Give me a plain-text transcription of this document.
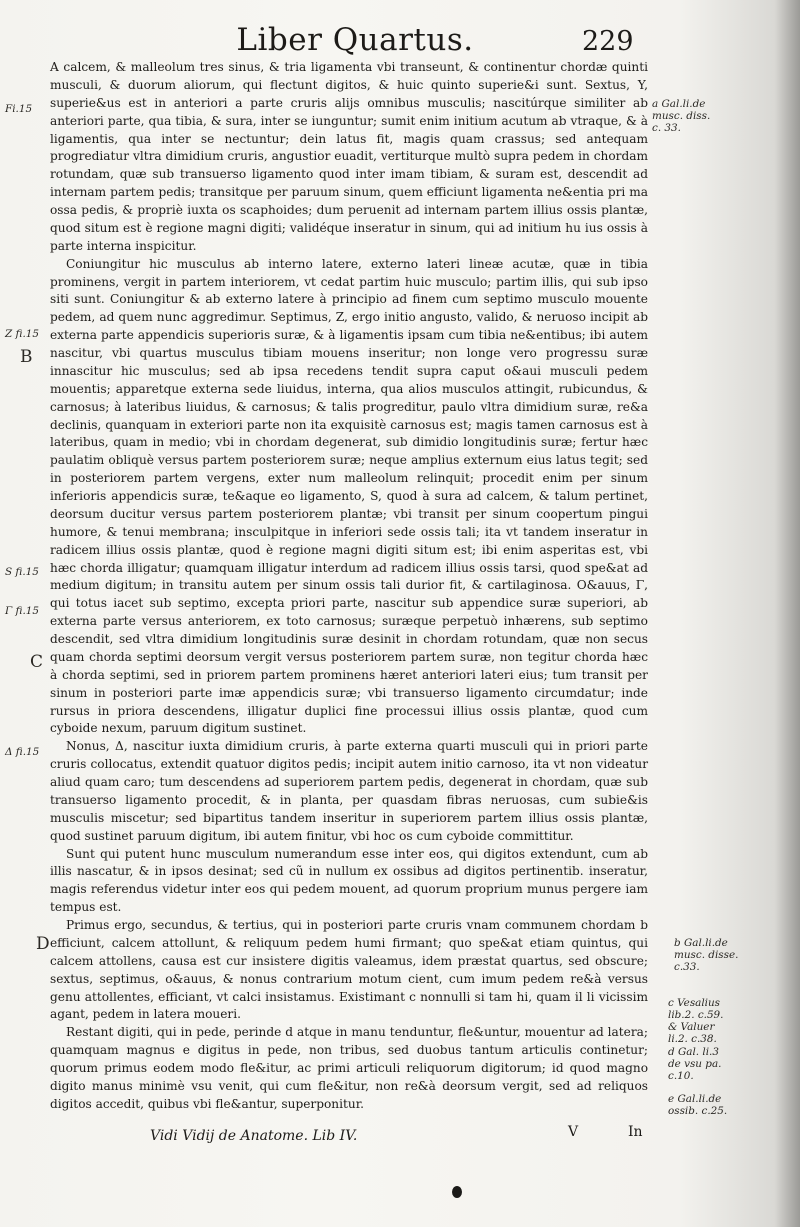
Liber Quartus.	229
Fi.15
Z fi.15
B
S fi.15
Γ fi.15
C
Δ fi.15
D
a Gal.li.de
musc. diss.
c. 33.
b Gal.li.de
musc. disse.
c.33.
c Vesalius
lib.2. c.59.
& Valuer
li.2. c.38.
d Gal. li.3
de vsu pa.
c.10.
e Gal.li.de
ossib. c.25.

A calcem, & malleolum tres sinus, & tria ligamenta vbi transeunt, & continentur chordæ quinti musculi, & duorum aliorum, qui flectunt digitos, & huic quinto superie&i sunt. Sextus, Y, superie&us est in anteriori a parte cruris alijs omnibus musculis; nascitúrque similiter ab anteriori parte, qua tibia, & sura, inter se iunguntur; sumit enim initium acutum ab vtraque, & à ligamentis, qua inter se nectuntur; dein latus fit, magis quam crassus; sed antequam progrediatur vltra dimidium cruris, angustior euadit, vertiturque multò supra pedem in chordam rotundam, quæ sub transuerso ligamento quod inter imam tibiam, & suram est, descendit ad internam partem pedis; transitque per paruum sinum, quem efficiunt ligamenta ne&entia pri ma ossa pedis, & propriè iuxta os scaphoides; dum peruenit ad internam partem illius ossis plantæ, quod situm est è regione magni digiti; validéque inseratur in sinum, qui ad initium hu ius ossis à parte interna inspicitur.

Coniungitur hic musculus ab interno latere, externo lateri lineæ acutæ, quæ in tibia prominens, vergit in partem interiorem, vt cedat partim huic musculo; partim illis, qui sub ipso siti sunt. Coniungitur & ab externo latere à principio ad finem cum septimo musculo mouente pedem, ad quem nunc aggredimur. Septimus, Z, ergo initio angusto, valido, & neruoso incipit ab externa parte appendicis superioris suræ, & à ligamentis ipsam cum tibia ne&entibus; ibi autem nascitur, vbi quartus musculus tibiam mouens inseritur; non longe vero progressu suræ innascitur hic musculus; sed ab ipsa recedens tendit supra caput o&aui musculi pedem mouentis; apparetque externa sede liuidus, interna, qua alios musculos attingit, rubicundus, & carnosus; à lateribus liuidus, & carnosus; & talis progreditur, paulo vltra dimidium suræ, re&a declinis, quanquam in exteriori parte non ita exquisitè carnosus est; magis tamen carnosus est à lateribus, quam in medio; vbi in chordam degenerat, sub dimidio longitudinis suræ; fertur hæc paulatim obliquè versus partem posteriorem suræ; neque amplius externum eius latus tegit; sed in posteriorem partem vergens, exter num malleolum relinquit; procedit enim per sinum inferioris appendicis suræ, te&aque eo ligamento, S, quod à sura ad calcem, & talum pertinet, deorsum ducitur versus partem posteriorem plantæ; vbi transit per sinum coopertum pingui humore, & tenui membrana; insculpitque in inferiori sede ossis tali; ita vt tandem inseratur in radicem illius ossis plantæ, quod è regione magni digiti situm est; ibi enim asperitas est, vbi hæc chorda illigatur; quamquam illigatur interdum ad radicem illius ossis tarsi, quod spe&at ad medium digitum; in transitu autem per sinum ossis tali durior fit, & cartilaginosa. O&auus, Γ, qui totus iacet sub septimo, excepta priori parte, nascitur sub appendice suræ superiori, ab externa parte versus anteriorem, ex toto carnosus; suræque perpetuò inhærens, sub septimo descendit, sed vltra dimidium longitudinis suræ desinit in chordam rotundam, quæ non secus quam chorda septimi deorsum vergit versus posteriorem partem suræ, non tegitur chorda hæc à chorda septimi, sed in priorem partem prominens hæret anteriori lateri eius; tum transit per sinum in posteriori parte imæ appendicis suræ; vbi transuerso ligamento circumdatur; inde rursus in priora descendens, illigatur duplici fine processui illius ossis plantæ, quod cum cyboide nexum, paruum digitum sustinet.

Nonus, Δ, nascitur iuxta dimidium cruris, à parte externa quarti musculi qui in priori parte cruris collocatus, extendit quatuor digitos pedis; incipit autem initio carnoso, ita vt non videatur aliud quam caro; tum descendens ad superiorem partem pedis, degenerat in chordam, quæ sub transuerso ligamento procedit, & in planta, per quasdam fibras neruosas, cum subie&is musculis miscetur; sed bipartitus tandem inseritur in superiorem partem illius ossis plantæ, quod sustinet paruum digitum, ibi autem finitur, vbi hoc os cum cyboide committitur.

Sunt qui putent hunc musculum numerandum esse inter eos, qui digitos extendunt, cum ab illis nascatur, & in ipsos desinat; sed cũ in nullum ex ossibus ad digitos pertinentib. inseratur, magis referendus videtur inter eos qui pedem mouent, ad quorum proprium munus pergere iam tempus est.

Primus ergo, secundus, & tertius, qui in posteriori parte cruris vnam communem chordam b efficiunt, calcem attollunt, & reliquum pedem humi firmant; quo spe&at etiam quintus, qui calcem attollens, causa est cur insistere digitis valeamus, idem præstat quartus, sed obscure; sextus, septimus, o&auus, & nonus contrarium motum cient, cum imum pedem re&à versus genu attollentes, efficiant, vt calci insistamus. Existimant c nonnulli si tam hi, quam il li vicissim agant, pedem in latera moueri.

Restant digiti, qui in pede, perinde d atque in manu tenduntur, fle&untur, mouentur ad latera; quamquam magnus e digitus in pede, non tribus, sed duobus tantum articulis continetur; quorum primus eodem modo fle&itur, ac primi articuli reliquorum digitorum; id quod magno digito manus minimè vsu venit, qui cum fle&itur, non re&à deorsum vergit, sed ad reliquos digitos accedit, quibus vbi fle&antur, superponitur.

Vidi Vidij de Anatome. Lib IV.	V	In
